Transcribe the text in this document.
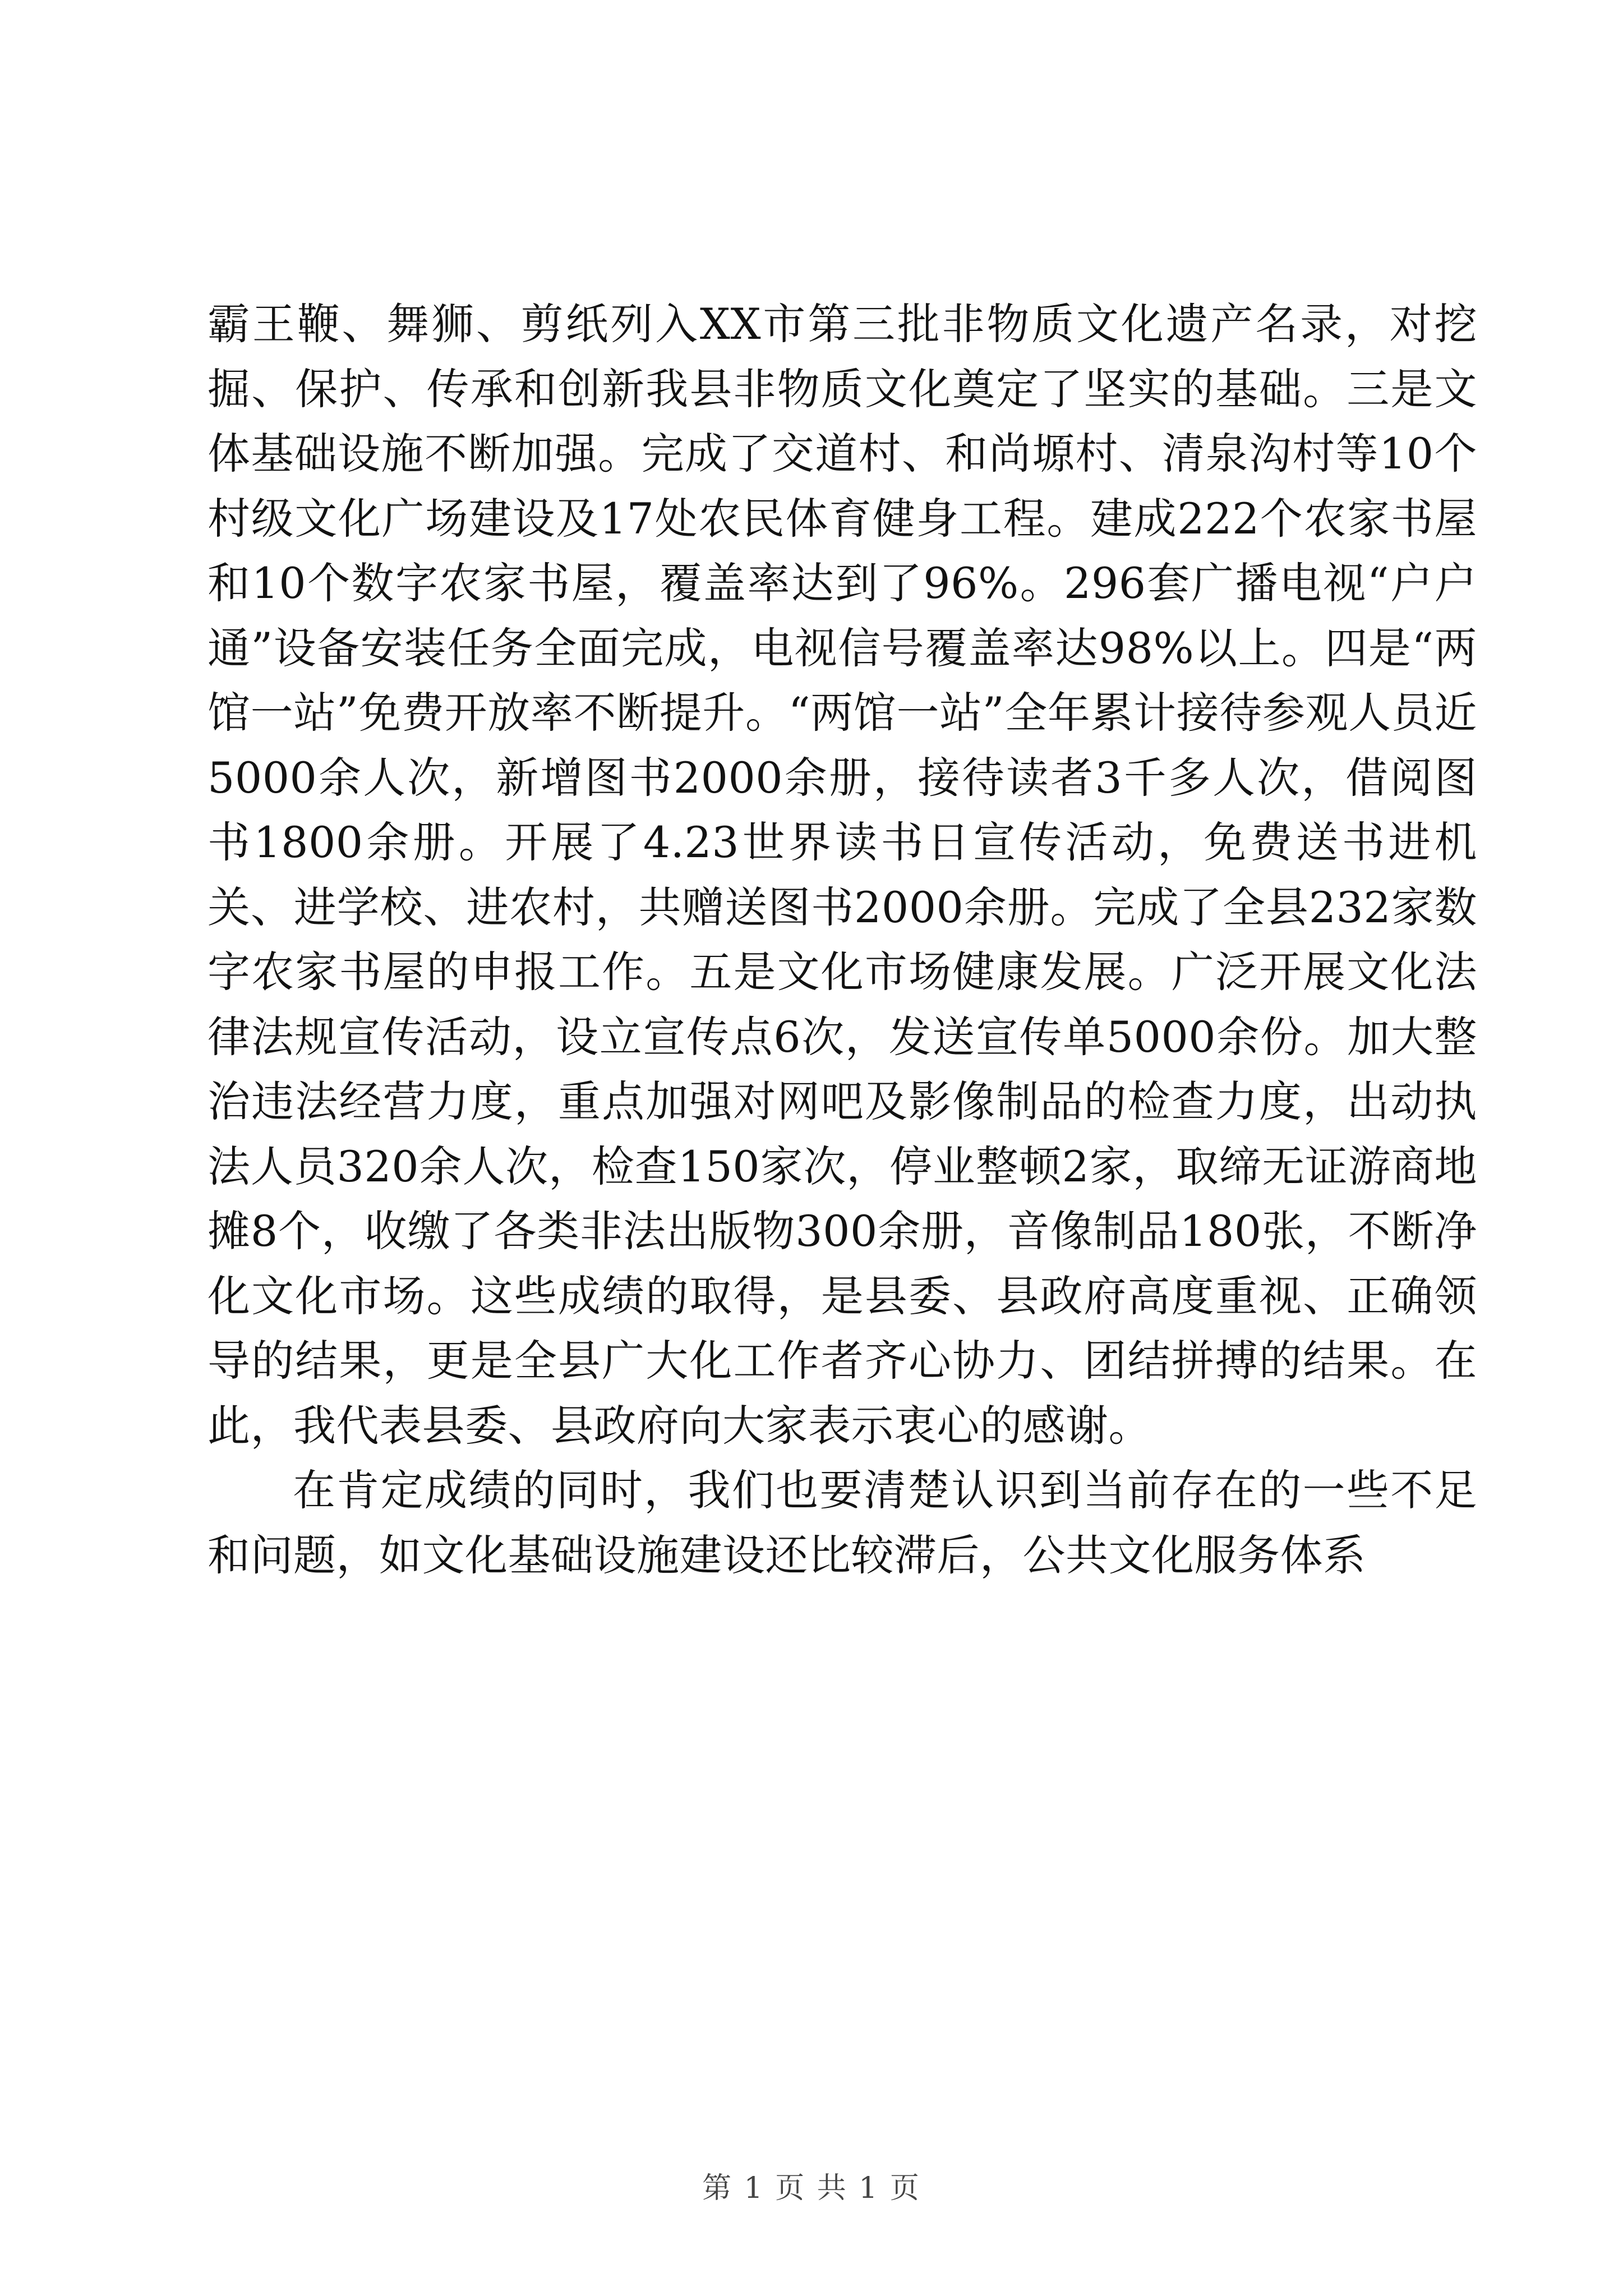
霸王鞭、舞狮、剪纸列入XX市第三批非物质文化遗产名录，对挖掘、保护、传承和创新我县非物质文化奠定了坚实的基础。三是文体基础设施不断加强。完成了交道村、和尚塬村、清泉沟村等10个村级文化广场建设及17处农民体育健身工程。建成222个农家书屋和10个数字农家书屋，覆盖率达到了96%。296套广播电视“户户通”设备安装任务全面完成，电视信号覆盖率达98%以上。四是“两馆一站”免费开放率不断提升。“两馆一站”全年累计接待参观人员近5000余人次，新增图书2000余册，接待读者3千多人次，借阅图书1800余册。开展了4.23世界读书日宣传活动，免费送书进机关、进学校、进农村，共赠送图书2000余册。完成了全县232家数字农家书屋的申报工作。五是文化市场健康发展。广泛开展文化法律法规宣传活动，设立宣传点6次，发送宣传单5000余份。加大整治违法经营力度，重点加强对网吧及影像制品的检查力度，出动执法人员320余人次，检查150家次，停业整顿2家，取缔无证游商地摊8个，收缴了各类非法出版物300余册，音像制品180张，不断净化文化市场。这些成绩的取得，是县委、县政府高度重视、正确领导的结果，更是全县广大化工作者齐心协力、团结拼搏的结果。在此，我代表县委、县政府向大家表示衷心的感谢。

在肯定成绩的同时，我们也要清楚认识到当前存在的一些不足和问题，如文化基础设施建设还比较滞后，公共文化服务体系

第 1 页 共 1 页
